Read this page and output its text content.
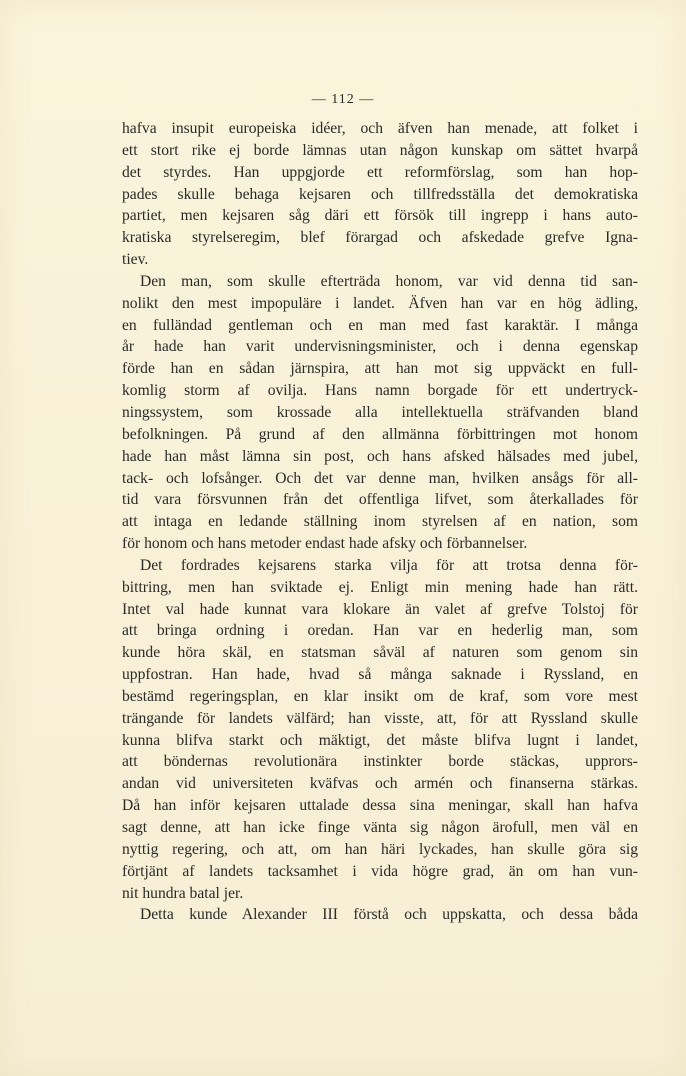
— 112 —
hafva insupit europeiska idéer, och äfven han menade, att folket i
ett stort rike ej borde lämnas utan någon kunskap om sättet hvarpå
det styrdes. Han uppgjorde ett reformförslag, som han hop-
pades skulle behaga kejsaren och tillfredsställa det demokratiska
partiet, men kejsaren såg däri ett försök till ingrepp i hans auto-
kratiska styrelseregim, blef förargad och afskedade grefve Igna-
tiev.
Den man, som skulle efterträda honom, var vid denna tid san-
nolikt den mest impopuläre i landet. Äfven han var en hög ädling,
en fulländad gentleman och en man med fast karaktär. I många
år hade han varit undervisningsminister, och i denna egenskap
förde han en sådan järnspira, att han mot sig uppväckt en full-
komlig storm af ovilja. Hans namn borgade för ett undertryck-
ningssystem, som krossade alla intellektuella sträfvanden bland
befolkningen. På grund af den allmänna förbittringen mot honom
hade han måst lämna sin post, och hans afsked hälsades med jubel,
tack- och lofsånger. Och det var denne man, hvilken ansågs för all-
tid vara försvunnen från det offentliga lifvet, som återkallades för
att intaga en ledande ställning inom styrelsen af en nation, som
för honom och hans metoder endast hade afsky och förbannelser.
Det fordrades kejsarens starka vilja för att trotsa denna för-
bittring, men han sviktade ej. Enligt min mening hade han rätt.
Intet val hade kunnat vara klokare än valet af grefve Tolstoj för
att bringa ordning i oredan. Han var en hederlig man, som
kunde höra skäl, en statsman såväl af naturen som genom sin
uppfostran. Han hade, hvad så många saknade i Ryssland, en
bestämd regeringsplan, en klar insikt om de kraf, som vore mest
trängande för landets välfärd; han visste, att, för att Ryssland skulle
kunna blifva starkt och mäktigt, det måste blifva lugnt i landet,
att böndernas revolutionära instinkter borde stäckas, upprors-
andan vid universiteten kväfvas och armén och finanserna stärkas.
Då han inför kejsaren uttalade dessa sina meningar, skall han hafva
sagt denne, att han icke finge vänta sig någon ärofull, men väl en
nyttig regering, och att, om han häri lyckades, han skulle göra sig
förtjänt af landets tacksamhet i vida högre grad, än om han vun-
nit hundra batal jer.
Detta kunde Alexander III förstå och uppskatta, och dessa båda
